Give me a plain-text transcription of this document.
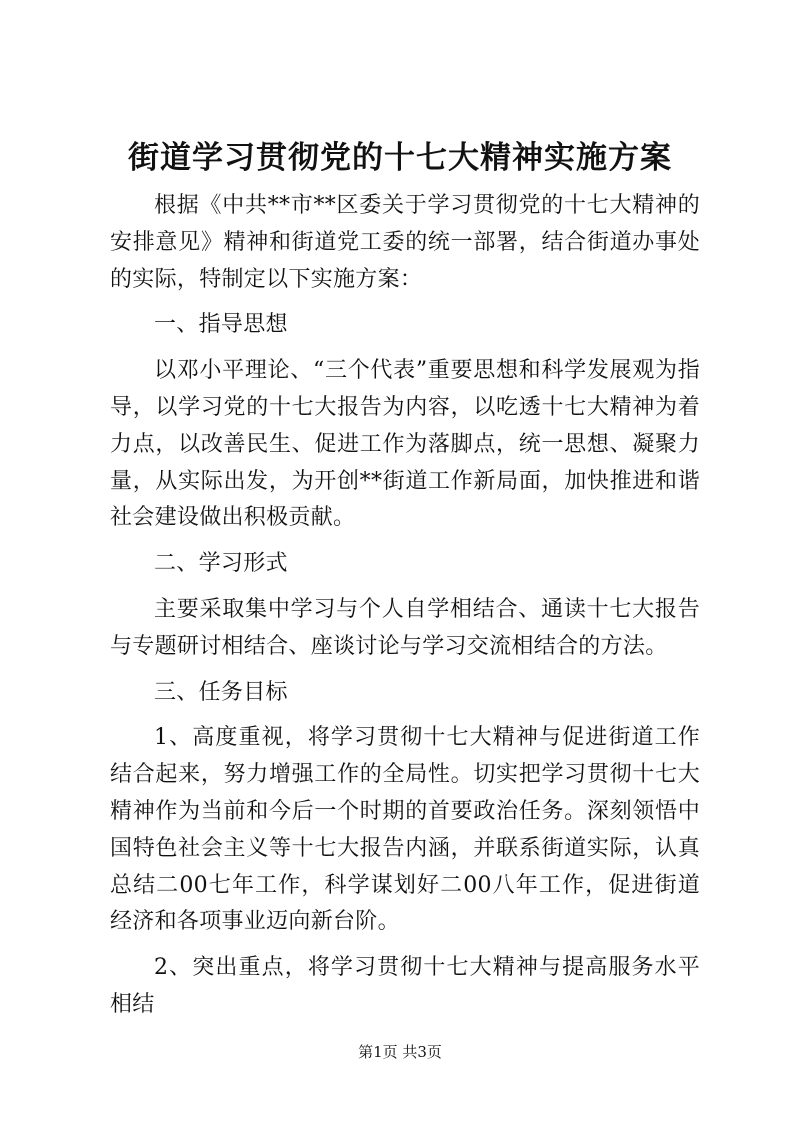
街道学习贯彻党的十七大精神实施方案

根据《中共**市**区委关于学习贯彻党的十七大精神的安排意见》精神和街道党工委的统一部署，结合街道办事处的实际，特制定以下实施方案：

一、指导思想

以邓小平理论、“三个代表”重要思想和科学发展观为指导，以学习党的十七大报告为内容，以吃透十七大精神为着力点，以改善民生、促进工作为落脚点，统一思想、凝聚力量，从实际出发，为开创**街道工作新局面，加快推进和谐社会建设做出积极贡献。

二、学习形式

主要采取集中学习与个人自学相结合、通读十七大报告与专题研讨相结合、座谈讨论与学习交流相结合的方法。

三、任务目标

1、高度重视，将学习贯彻十七大精神与促进街道工作结合起来，努力增强工作的全局性。切实把学习贯彻十七大精神作为当前和今后一个时期的首要政治任务。深刻领悟中国特色社会主义等十七大报告内涵，并联系街道实际，认真总结二00七年工作，科学谋划好二00八年工作，促进街道经济和各项事业迈向新台阶。

2、突出重点，将学习贯彻十七大精神与提高服务水平相结

第1页 共3页
